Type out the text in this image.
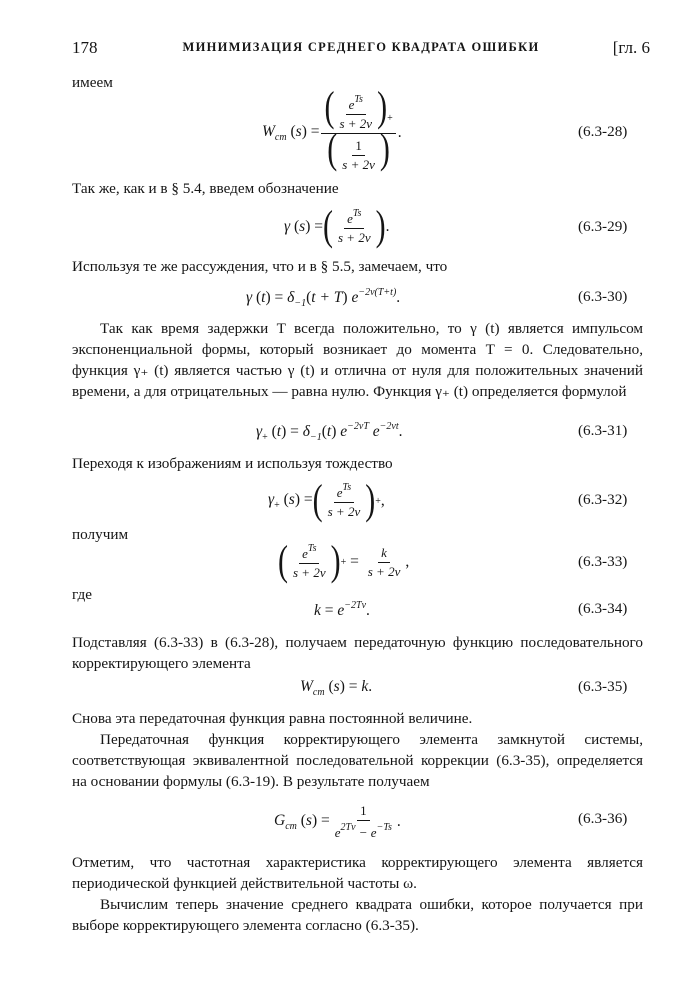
178	МИНИМИЗАЦИЯ СРЕДНЕГО КВАДРАТА ОШИБКИ	[гл. 6
имеем
$W_{cm}$ $(s) = \frac{( \frac{e^{Ts}}{s + 2\nu} )_+}{( \frac{1}{s + 2\nu} )}$ .	(6.3-28)
Так же, как и в § 5.4, введем обозначение
γ (s) = ( $\frac{e^{Ts}}{s + 2\nu}$ ) .	(6.3-29)
Используя те же рассуждения, что и в § 5.5, замечаем, что
γ $(t) = \delta_{-1}(t + T)$ $e^{-2\nu(T+t)}$.	(6.3-30)
Так как время задержки T всегда положительно, то γ (t) является импульсом экспоненциальной формы, который возникает до момента T = 0. Следовательно, функция γ₊ (t) является частью γ (t) и отлична от нуля для положительных значений времени, а для отрицательных — равна нулю. Функция γ₊ (t) определяется формулой
$\gamma_+$ $(t) = \delta_{-1}(t)$ $e^{-2\nu T}$ $e^{-2\nu t}$.	(6.3-31)
Переходя к изображениям и используя тождество
$\gamma_+$ (s) = ( $\frac{e^{Ts}}{s + 2\nu}$ ) + ,	(6.3-32)
получим
( $\frac{e^{Ts}}{s + 2\nu}$ ) + = $\frac{k}{s + 2\nu}$ ,	(6.3-33)
где
$k = e^{-2T\nu}$.	(6.3-34)
Подставляя (6.3-33) в (6.3-28), получаем передаточную функцию последовательного корректирующего элемента
$W_{cm}$ (s) = k.	(6.3-35)
Снова эта передаточная функция равна постоянной величине.
Передаточная функция корректирующего элемента замкнутой системы, соответствующая эквивалентной последовательной коррекции (6.3-35), определяется на основании формулы (6.3-19). В результате получаем
$G_{cm}$ $(s) = \frac{1}{e^{2T\nu} - e^{-Ts}}$ .	(6.3-36)
Отметим, что частотная характеристика корректирующего элемента является периодической функцией действительной частоты ω.
Вычислим теперь значение среднего квадрата ошибки, которое получается при выборе корректирующего элемента согласно (6.3-35).
